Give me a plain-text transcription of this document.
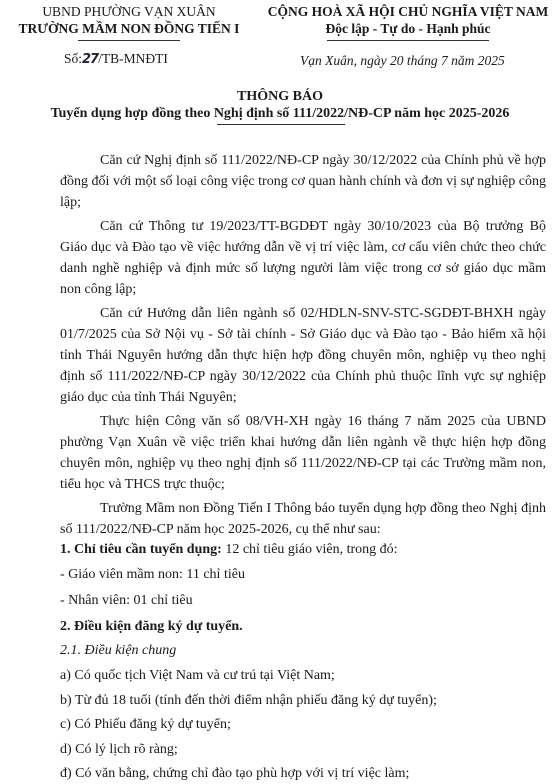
UBND PHƯỜNG VẠN XUÂN
TRƯỜNG MẦM NON ĐỒNG TIẾN I
CỘNG HOÀ XÃ HỘI CHỦ NGHĨA VIỆT NAM
Độc lập - Tự do - Hạnh phúc
Số:27/TB-MNĐTI	Vạn Xuân, ngày 20 tháng 7 năm 2025
THÔNG BÁO
Tuyển dụng hợp đồng theo Nghị định số 111/2022/NĐ-CP năm học 2025-2026
Căn cứ Nghị định số 111/2022/NĐ-CP ngày 30/12/2022 của Chính phủ về hợp đồng đối với một số loại công việc trong cơ quan hành chính và đơn vị sự nghiệp công lập;
Căn cứ Thông tư 19/2023/TT-BGDĐT ngày 30/10/2023 của Bộ trưởng Bộ Giáo dục và Đào tạo về việc hướng dẫn về vị trí việc làm, cơ cấu viên chức theo chức danh nghề nghiệp và định mức số lượng người làm việc trong cơ sở giáo dục mầm non công lập;
Căn cứ Hướng dẫn liên ngành số 02/HDLN-SNV-STC-SGDĐT-BHXH ngày 01/7/2025 của Sở Nội vụ - Sở tài chính - Sở Giáo dục và Đào tạo - Bảo hiểm xã hội tỉnh Thái Nguyên hướng dẫn thực hiện hợp đồng chuyên môn, nghiệp vụ theo nghị định số 111/2022/NĐ-CP ngày 30/12/2022 của Chính phủ thuộc lĩnh vực sự nghiệp giáo dục của tỉnh Thái Nguyên;
Thực hiện Công văn số 08/VH-XH ngày 16 tháng 7 năm 2025 của UBND phường Vạn Xuân về việc triển khai hướng dẫn liên ngành về thực hiện hợp đồng chuyên môn, nghiệp vụ theo nghị định số 111/2022/NĐ-CP tại các Trường mầm non, tiểu học và THCS trực thuộc;
Trường Mầm non Đồng Tiến I Thông báo tuyển dụng hợp đồng theo Nghị định số 111/2022/NĐ-CP năm học 2025-2026, cụ thể như sau:
1. Chỉ tiêu cần tuyển dụng: 12 chỉ tiêu giáo viên, trong đó:
- Giáo viên mầm non: 11 chỉ tiêu
- Nhân viên: 01 chỉ tiêu
2. Điều kiện đăng ký dự tuyển.
2.1. Điều kiện chung
a) Có quốc tịch Việt Nam và cư trú tại Việt Nam;
b) Từ đủ 18 tuổi (tính đến thời điểm nhận phiếu đăng ký dự tuyển);
c) Có Phiếu đăng ký dự tuyển;
d) Có lý lịch rõ ràng;
đ) Có văn bằng, chứng chỉ đào tạo phù hợp với vị trí việc làm;
